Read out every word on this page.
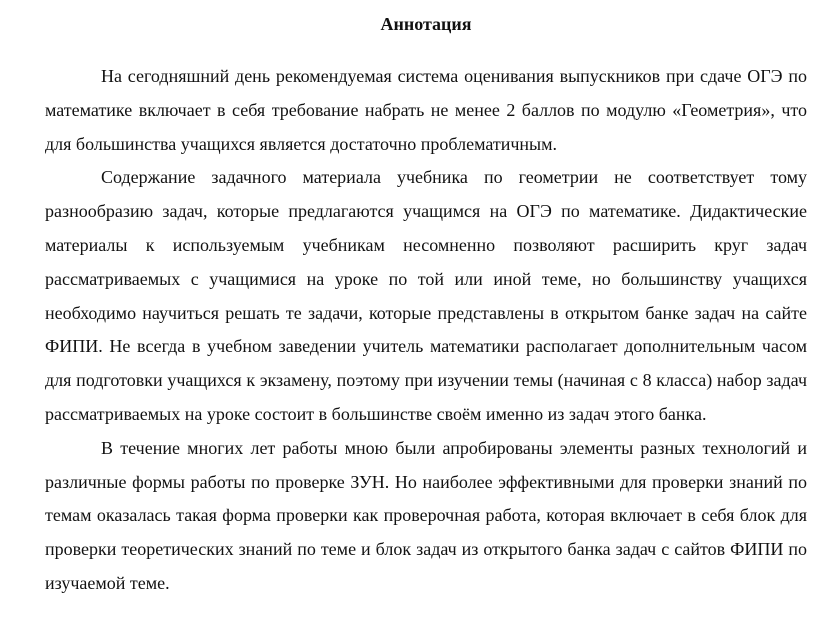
Аннотация

На сегодняшний день рекомендуемая система оценивания выпускников при сдаче ОГЭ по математике включает в себя требование набрать не менее 2 баллов по модулю «Геометрия», что для большинства учащихся является достаточно проблематичным.

Содержание задачного материала учебника по геометрии не соответствует тому разнообразию задач, которые предлагаются учащимся на ОГЭ по математике. Дидактические материалы к используемым учебникам несомненно позволяют расширить круг задач рассматриваемых с учащимися на уроке по той или иной теме, но большинству учащихся необходимо научиться решать те задачи, которые представлены в открытом банке задач на сайте ФИПИ. Не всегда в учебном заведении учитель математики располагает дополнительным часом для подготовки учащихся к экзамену, поэтому при изучении темы (начиная с 8 класса) набор задач рассматриваемых на уроке состоит в большинстве своём именно из задач этого банка.

В течение многих лет работы мною были апробированы элементы разных технологий и различные формы работы по проверке ЗУН. Но наиболее эффективными для проверки знаний по темам оказалась такая форма проверки как проверочная работа, которая включает в себя блок для проверки теоретических знаний по теме и блок задач из открытого банка задач с сайтов ФИПИ по изучаемой теме.
